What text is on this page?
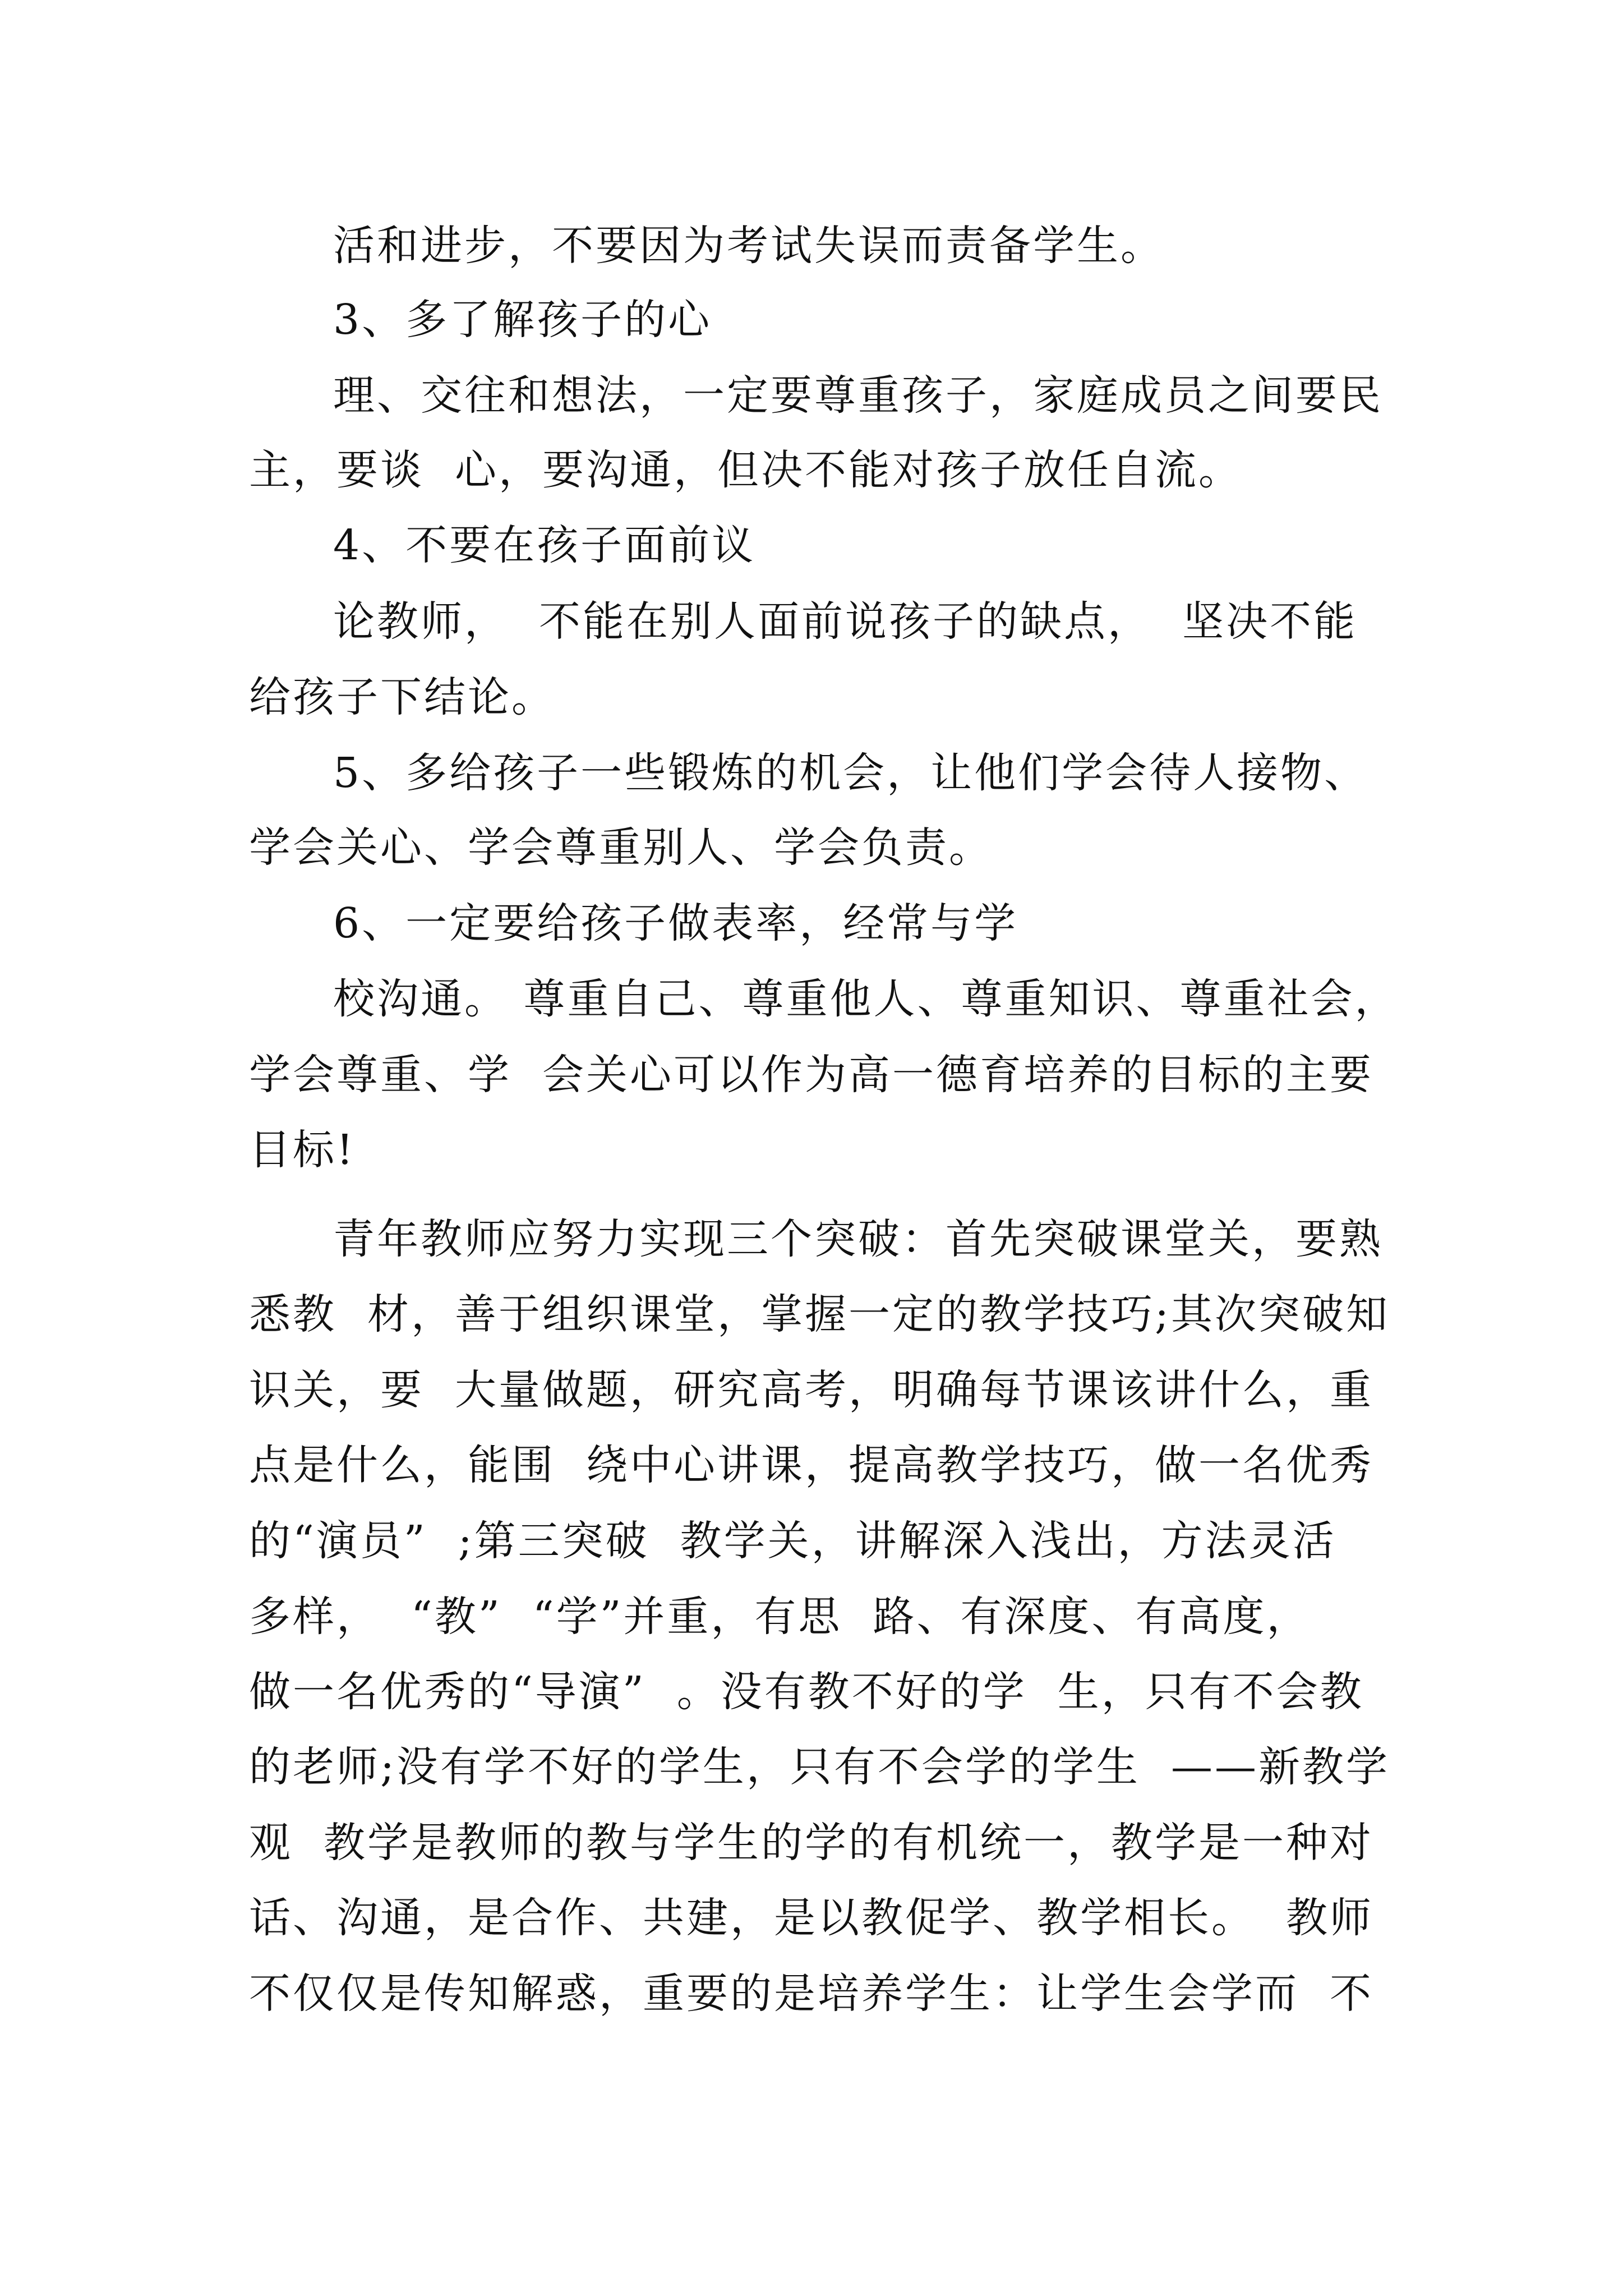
活和进步，不要因为考试失误而责备学生。
3、多了解孩子的心
理、交往和想法，一定要尊重孩子，家庭成员之间要民
主，要谈  心，要沟通，但决不能对孩子放任自流。
4、不要在孩子面前议
论教师，  不能在别人面前说孩子的缺点，  坚决不能
给孩子下结论。
5、多给孩子一些锻炼的机会，让他们学会待人接物、
学会关心、学会尊重别人、学会负责。
6、一定要给孩子做表率，经常与学
校沟通。 尊重自己、尊重他人、尊重知识、尊重社会，
学会尊重、学  会关心可以作为高一德育培养的目标的主要
目标!
青年教师应努力实现三个突破：首先突破课堂关，要熟
悉教  材，善于组织课堂，掌握一定的教学技巧;其次突破知
识关，要  大量做题，研究高考，明确每节课该讲什么，重
点是什么，能围  绕中心讲课，提高教学技巧，做一名优秀
的“演员”  ;第三突破  教学关，讲解深入浅出，方法灵活
多样，  “教”  “学”并重，有思  路、有深度、有高度，
做一名优秀的“导演”  。没有教不好的学  生，只有不会教
的老师;没有学不好的学生，只有不会学的学生  ——新教学
观  教学是教师的教与学生的学的有机统一，教学是一种对
话、沟通，是合作、共建，是以教促学、教学相长。  教师
不仅仅是传知解惑，重要的是培养学生：让学生会学而  不
